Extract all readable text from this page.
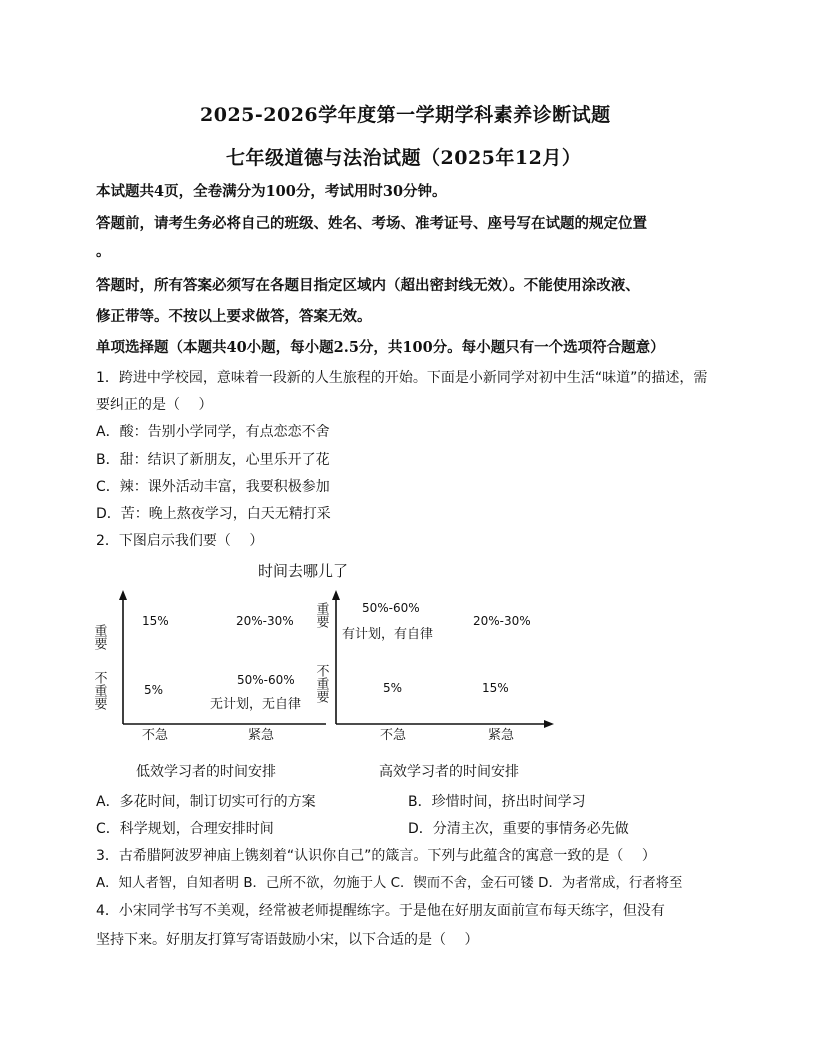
2025-2026学年度第一学期学科素养诊断试题
七年级道德与法治试题（2025年12月）
本试题共4页，全卷满分为100分，考试用时30分钟。
答题前，请考生务必将自己的班级、姓名、考场、准考证号、座号写在试题的规定位置
。
答题时，所有答案必须写在各题目指定区域内（超出密封线无效）。不能使用涂改液、
修正带等。不按以上要求做答，答案无效。
单项选择题（本题共40小题，每小题2.5分，共100分。每小题只有一个选项符合题意）
1．跨进中学校园，意味着一段新的人生旅程的开始。下面是小新同学对初中生活“味道”的描述，需
要纠正的是（　 ）
A．酸：告别小学同学，有点恋恋不舍
B．甜：结识了新朋友，心里乐开了花
C．辣：课外活动丰富，我要积极参加
D．苦：晚上熬夜学习，白天无精打采
2．下图启示我们要（　 ）
时间去哪儿了
重要
不重要
重要
不重要
15%	20%-30%
5%
50%-60%
无计划，无自律
50%-60%
有计划，有自律
20%-30%
5%	15%
不急	紧急	不急	紧急
低效学习者的时间安排	高效学习者的时间安排
A．多花时间，制订切实可行的方案	B．珍惜时间，挤出时间学习
C．科学规划，合理安排时间	D．分清主次，重要的事情务必先做
3．古希腊阿波罗神庙上镌刻着“认识你自己”的箴言。下列与此蕴含的寓意一致的是（　 ）
A．知人者智，自知者明 B．己所不欲，勿施于人 C．锲而不舍，金石可镂 D．为者常成，行者将至
4．小宋同学书写不美观，经常被老师提醒练字。于是他在好朋友面前宣布每天练字，但没有
坚持下来。好朋友打算写寄语鼓励小宋，以下合适的是（　 ）
